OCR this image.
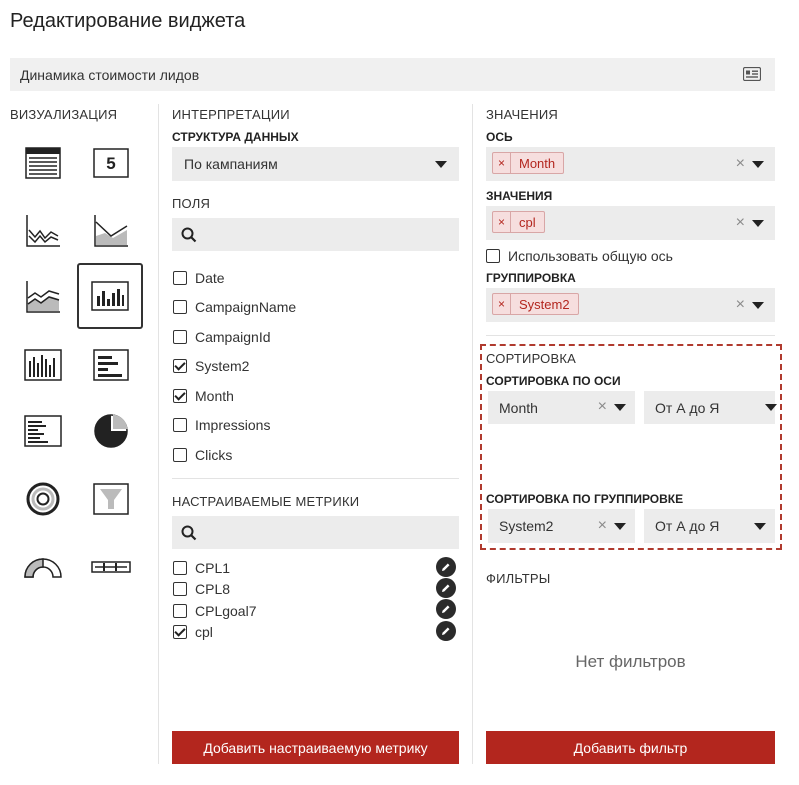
Редактирование виджета
Динамика стоимости лидов
ВИЗУАЛИЗАЦИЯ
5
ИНТЕРПРЕТАЦИИ
СТРУКТУРА ДАННЫХ
По кампаниям
ПОЛЯ
Date
CampaignName
CampaignId
System2
Month
Impressions
Clicks
НАСТРАИВАЕМЫЕ МЕТРИКИ
CPL1
CPL8
CPLgoal7
cpl
Добавить настраиваемую метрику
ЗНАЧЕНИЯ
ОСЬ
×	Month	×
ЗНАЧЕНИЯ
×	cpl	×
Использовать общую ось
ГРУППИРОВКА
×	System2	×
СОРТИРОВКА
СОРТИРОВКА ПО ОСИ
Month	×	От А до Я
СОРТИРОВКА ПО ГРУППИРОВКЕ
System2	×	От А до Я
ФИЛЬТРЫ
Нет фильтров
Добавить фильтр
